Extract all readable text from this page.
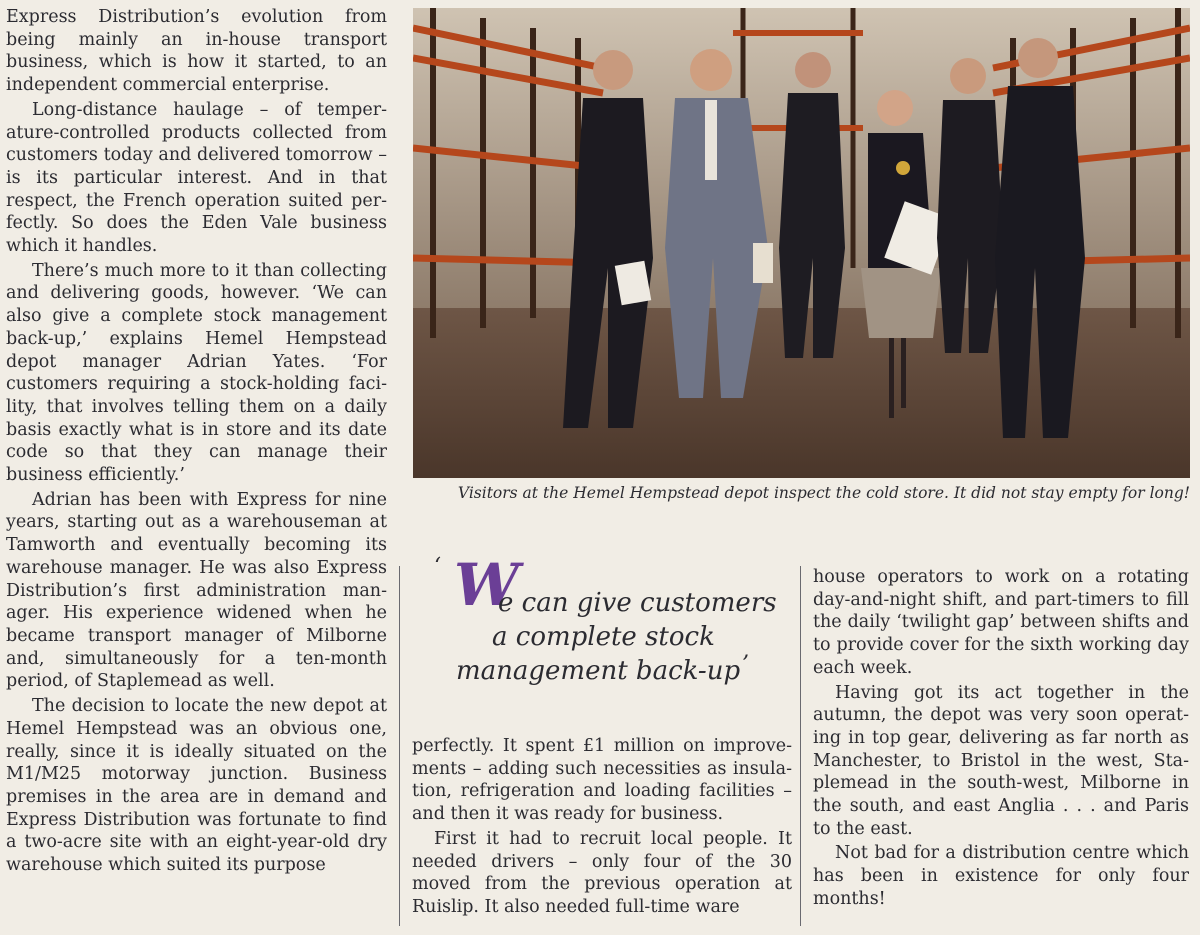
Express Distribution’s evolution from being mainly an in-house transport business, which is how it started, to an independent commercial enterprise.

Long-distance haulage – of temperature-controlled products collected from customers today and delivered tomorrow – is its particular interest. And in that respect, the French operation suited perfectly. So does the Eden Vale business which it handles.

There’s much more to it than collecting and delivering goods, however. ‘We can also give a complete stock management back-up,’ explains Hemel Hempstead depot manager Adrian Yates. ‘For customers requiring a stock-holding facility, that involves telling them on a daily basis exactly what is in store and its date code so that they can manage their business efficiently.’

Adrian has been with Express for nine years, starting out as a warehouseman at Tamworth and eventually becoming its warehouse manager. He was also Express Distribution’s first administration manager. His experience widened when he became transport manager of Milborne and, simultaneously for a ten-month period, of Staplemead as well.

The decision to locate the new depot at Hemel Hempstead was an obvious one, really, since it is ideally situated on the M1/M25 motorway junction. Business premises in the area are in demand and Express Distribution was fortunate to find a two-acre site with an eight-year-old dry warehouse which suited its purpose

Visitors at the Hemel Hempstead depot inspect the cold store. It did not stay empty for long!
‘ W
e can give customers
a complete stock
management back-up ’

perfectly. It spent £1 million on improvements – adding such necessities as insulation, refrigeration and loading facilities – and then it was ready for business.

First it had to recruit local people. It needed drivers – only four of the 30 moved from the previous operation at Ruislip. It also needed full-time ware

house operators to work on a rotating day-and-night shift, and part-timers to fill the daily ‘twilight gap’ between shifts and to provide cover for the sixth working day each week.

Having got its act together in the autumn, the depot was very soon operating in top gear, delivering as far north as Manchester, to Bristol in the west, Staplemead in the south-west, Milborne in the south, and east Anglia . . . and Paris to the east.

Not bad for a distribution centre which has been in existence for only four months!
